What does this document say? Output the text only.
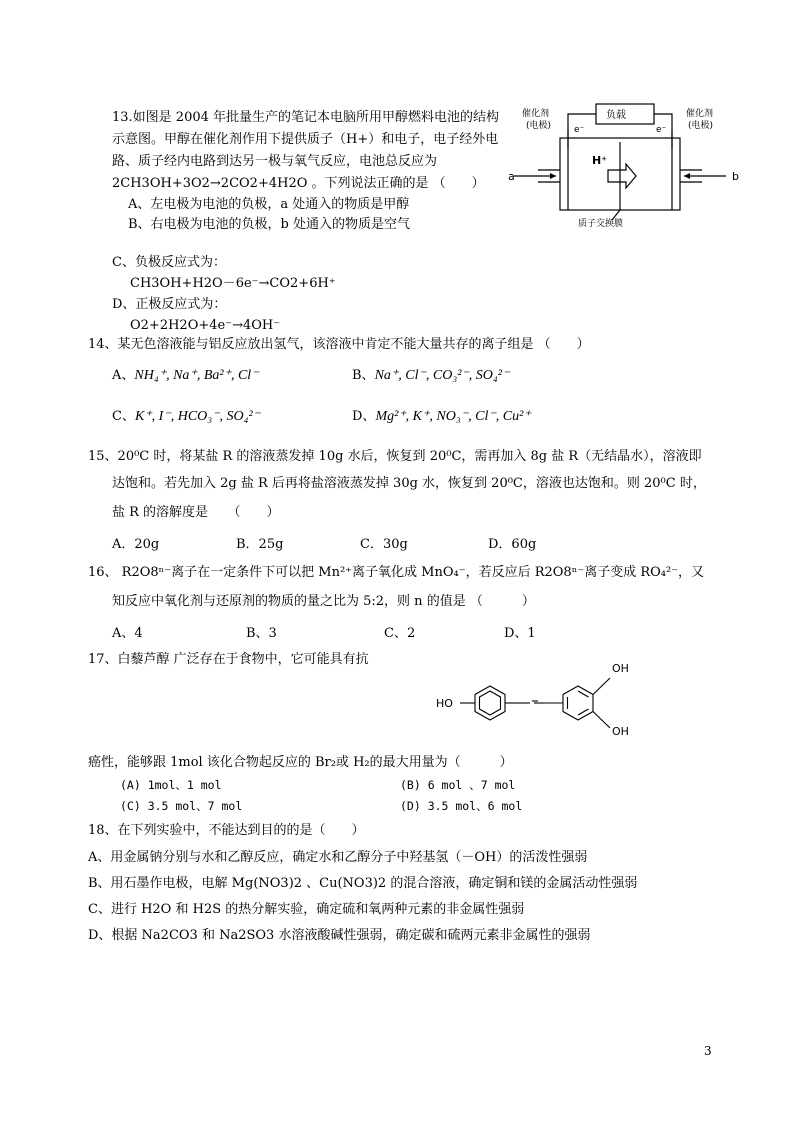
13.如图是 2004 年批量生产的笔记本电脑所用甲醇燃料电池的结构
示意图。甲醇在催化剂作用下提供质子（H+）和电子，电子经外电
路、质子经内电路到达另一极与氧气反应，电池总反应为
2CH3OH+3O2→2CO2+4H2O 。下列说法正确的是 （　　）
A、左电极为电池的负极，a 处通入的物质是甲醇
B、右电极为电池的负极，b 处通入的物质是空气
C、负极反应式为：
CH3OH+H2O－6e⁻→CO2+6H⁺
D、正极反应式为：
O2+2H2O+4e⁻→4OH⁻
负载
催化剂
(电极)
催化剂
(电极)
e⁻	e⁻
H⁺
a	b
质子交换膜
14、某无色溶液能与铝反应放出氢气，该溶液中肯定不能大量共存的离子组是 （　　）
A、NH₄⁺, Na⁺, Ba²⁺, Cl⁻	B、Na⁺, Cl⁻, CO₃²⁻, SO₄²⁻
C、K⁺, I⁻, HCO₃⁻, SO₄²⁻	D、Mg²⁺, K⁺, NO₃⁻, Cl⁻, Cu²⁺
15、20⁰C 时，将某盐 R 的溶液蒸发掉 10g 水后，恢复到 20⁰C，需再加入 8g 盐 R（无结晶水），溶液即
达饱和。若先加入 2g 盐 R 后再将盐溶液蒸发掉 30g 水，恢复到 20⁰C，溶液也达饱和。则 20⁰C 时，
盐 R 的溶解度是　　（　　）
A．20g	B．25g	C．30g	D．60g
16、 R2O8ⁿ⁻离子在一定条件下可以把 Mn²⁺离子氧化成 MnO₄⁻，若反应后 R2O8ⁿ⁻离子变成 RO₄²⁻，又
知反应中氧化剂与还原剂的物质的量之比为 5:2，则 n 的值是 （　　　）
A、4	B、3	C、2	D、1
17、白藜芦醇 广泛存在于食物中，它可能具有抗
HO
OH
OH
癌性，能够跟 1mol 该化合物起反应的 Br₂或 H₂的最大用量为（　　　）
(A) 1mol、1 mol	(B) 6 mol 、7 mol
(C) 3.5 mol、7 mol	(D) 3.5 mol、6 mol
18、在下列实验中，不能达到目的的是（　　）
A、用金属钠分别与水和乙醇反应，确定水和乙醇分子中羟基氢（－OH）的活泼性强弱
B、用石墨作电极，电解 Mg(NO3)2 、Cu(NO3)2 的混合溶液，确定铜和镁的金属活动性强弱
C、进行 H2O 和 H2S 的热分解实验，确定硫和氧两种元素的非金属性强弱
D、根据 Na2CO3 和 Na2SO3 水溶液酸碱性强弱，确定碳和硫两元素非金属性的强弱
3
